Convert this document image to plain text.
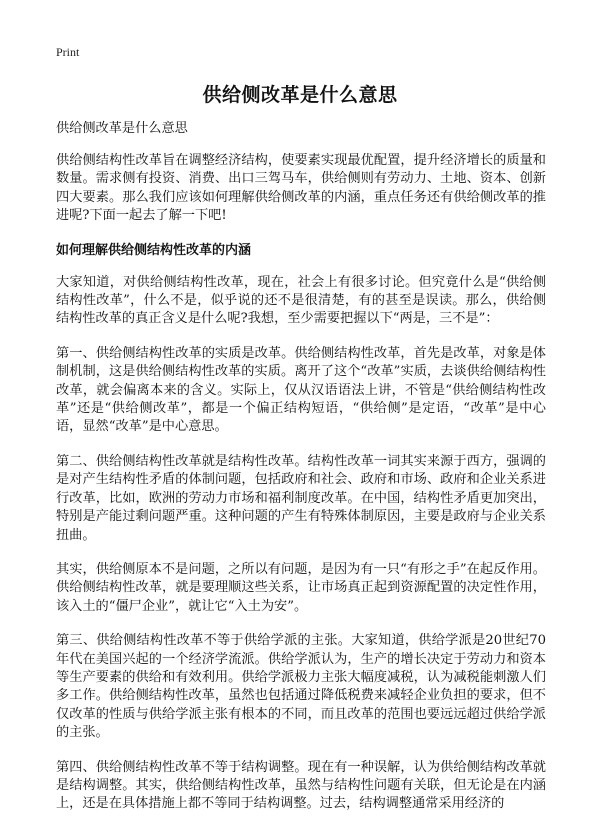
Print
供给侧改革是什么意思

供给侧改革是什么意思

供给侧结构性改革旨在调整经济结构，使要素实现最优配置，提升经济增长的质量和数量。需求侧有投资、消费、出口三驾马车，供给侧则有劳动力、土地、资本、创新四大要素。那么我们应该如何理解供给侧改革的内涵，重点任务还有供给侧改革的推进呢?下面一起去了解一下吧!

如何理解供给侧结构性改革的内涵

大家知道，对供给侧结构性改革，现在，社会上有很多讨论。但究竟什么是“供给侧结构性改革”，什么不是，似乎说的还不是很清楚，有的甚至是误读。那么，供给侧结构性改革的真正含义是什么呢?我想，至少需要把握以下“两是，三不是”：

第一、供给侧结构性改革的实质是改革。供给侧结构性改革，首先是改革，对象是体制机制，这是供给侧结构性改革的实质。离开了这个“改革”实质，去谈供给侧结构性改革，就会偏离本来的含义。实际上，仅从汉语语法上讲，不管是“供给侧结构性改革”还是“供给侧改革”，都是一个偏正结构短语，“供给侧”是定语，“改革”是中心语，显然“改革”是中心意思。

第二、供给侧结构性改革就是结构性改革。结构性改革一词其实来源于西方，强调的是对产生结构性矛盾的体制问题，包括政府和社会、政府和市场、政府和企业关系进行改革，比如，欧洲的劳动力市场和福利制度改革。在中国，结构性矛盾更加突出，特别是产能过剩问题严重。这种问题的产生有特殊体制原因，主要是政府与企业关系扭曲。

其实，供给侧原本不是问题，之所以有问题，是因为有一只“有形之手”在起反作用。供给侧结构性改革，就是要理顺这些关系，让市场真正起到资源配置的决定性作用，该入土的“僵尸企业”，就让它“入土为安”。

第三、供给侧结构性改革不等于供给学派的主张。大家知道，供给学派是20世纪70年代在美国兴起的一个经济学流派。供给学派认为，生产的增长决定于劳动力和资本等生产要素的供给和有效利用。供给学派极力主张大幅度减税，认为减税能刺激人们多工作。供给侧结构性改革，虽然也包括通过降低税费来减轻企业负担的要求，但不仅改革的性质与供给学派主张有根本的不同，而且改革的范围也要远远超过供给学派的主张。

第四、供给侧结构性改革不等于结构调整。现在有一种误解，认为供给侧结构改革就是结构调整。其实，供给侧结构性改革，虽然与结构性问题有关联，但无论是在内涵上，还是在具体措施上都不等同于结构调整。过去，结构调整通常采用经济的
